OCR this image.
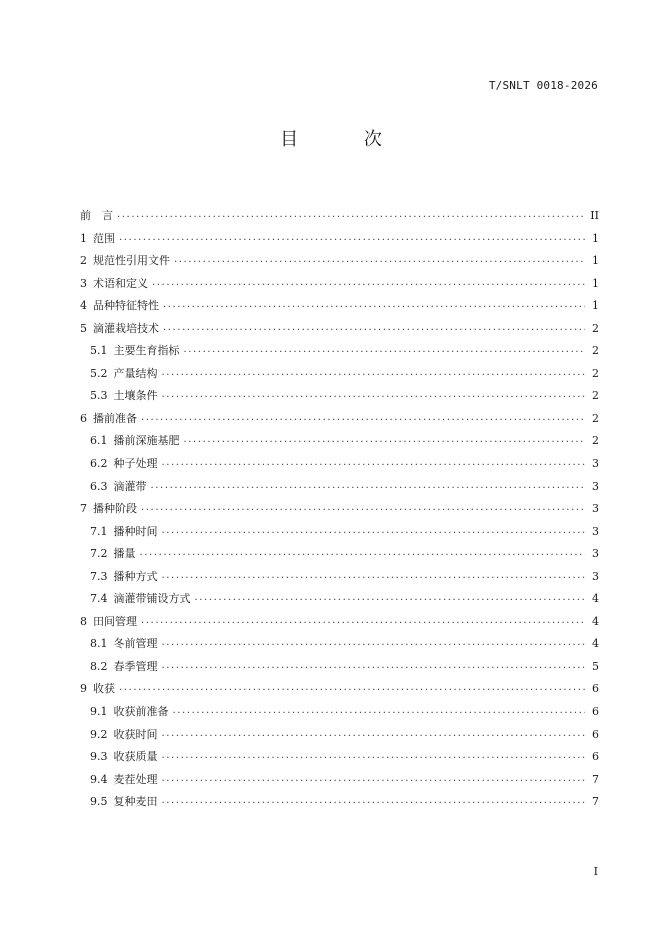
T/SNLT 0018-2026
目 次
前　言 .....	II
1 范围 .....	1
2 规范性引用文件 .....	1
3 术语和定义 .....	1
4 品种特征特性 .....	1
5 滴灌栽培技术 .....	2
5.1 主要生育指标 .....	2
5.2 产量结构 .....	2
5.3 土壤条件 .....	2
6 播前准备 .....	2
6.1 播前深施基肥 .....	2
6.2 种子处理 .....	3
6.3 滴灌带 .....	3
7 播种阶段 .....	3
7.1 播种时间 .....	3
7.2 播量 .....	3
7.3 播种方式 .....	3
7.4 滴灌带铺设方式 .....	4
8 田间管理 .....	4
8.1 冬前管理 .....	4
8.2 春季管理 .....	5
9 收获 .....	6
9.1 收获前准备 .....	6
9.2 收获时间 .....	6
9.3 收获质量 .....	6
9.4 麦茬处理 .....	7
9.5 复种麦田 .....	7
I
